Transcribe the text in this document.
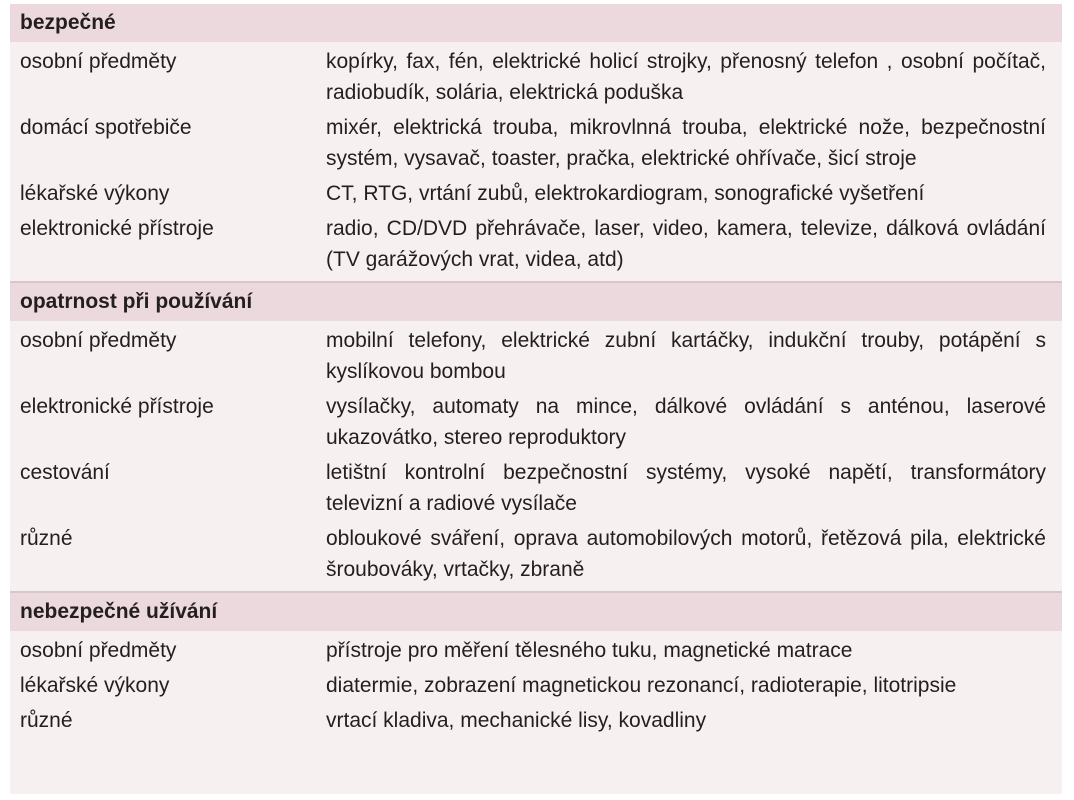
bezpečné
osobní předměty	kopírky, fax, fén, elektrické holicí strojky, přenosný telefon , osobní počítač, radiobudík, solária, elektrická poduška
domácí spotřebiče	mixér, elektrická trouba, mikrovlnná trouba, elektrické nože, bezpečnostní systém, vysavač, toaster, pračka, elektrické ohřívače, šicí stroje
lékařské výkony	CT, RTG, vrtání zubů, elektrokardiogram, sonografické vyšetření
elektronické přístroje	radio, CD/DVD přehrávače, laser, video, kamera, televize, dálková ovládání (TV garážových vrat, videa, atd)
opatrnost při používání
osobní předměty	mobilní telefony, elektrické zubní kartáčky, indukční trouby, potápění s kyslíkovou bombou
elektronické přístroje	vysílačky, automaty na mince, dálkové ovládání s anténou, laserové ukazovátko, stereo reproduktory
cestování	letištní kontrolní bezpečnostní systémy, vysoké napětí, transformátory televizní a radiové vysílače
různé	obloukové sváření, oprava automobilových motorů, řetězová pila, elektrické šroubováky, vrtačky, zbraně
nebezpečné užívání
osobní předměty	přístroje pro měření tělesného tuku, magnetické matrace
lékařské výkony	diatermie, zobrazení magnetickou rezonancí, radioterapie, litotripsie
různé	vrtací kladiva, mechanické lisy, kovadliny
